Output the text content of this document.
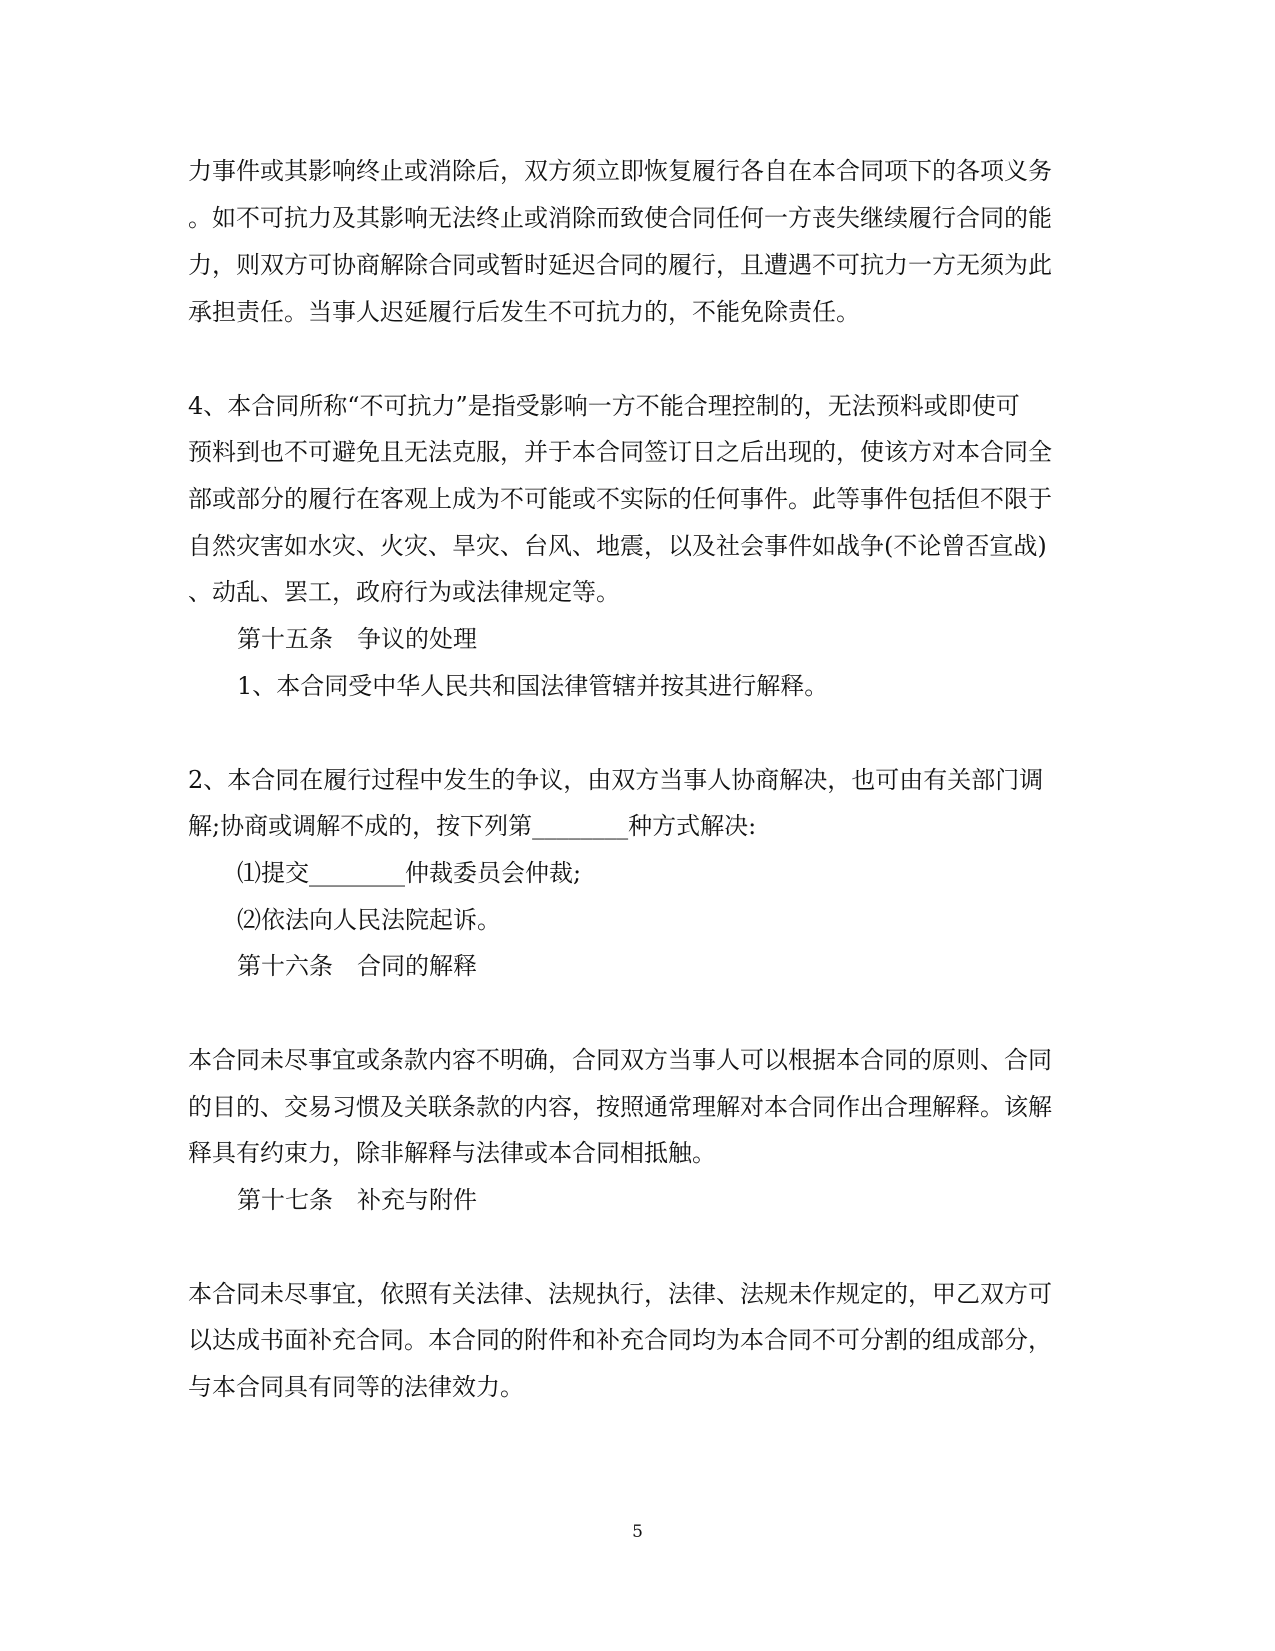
力事件或其影响终止或消除后，双方须立即恢复履行各自在本合同项下的各项义务
。如不可抗力及其影响无法终止或消除而致使合同任何一方丧失继续履行合同的能
力，则双方可协商解除合同或暂时延迟合同的履行，且遭遇不可抗力一方无须为此
承担责任。当事人迟延履行后发生不可抗力的，不能免除责任。
4、本合同所称“不可抗力”是指受影响一方不能合理控制的，无法预料或即使可
预料到也不可避免且无法克服，并于本合同签订日之后出现的，使该方对本合同全
部或部分的履行在客观上成为不可能或不实际的任何事件。此等事件包括但不限于
自然灾害如水灾、火灾、旱灾、台风、地震，以及社会事件如战争(不论曾否宣战)
、动乱、罢工，政府行为或法律规定等。
第十五条　争议的处理
1、本合同受中华人民共和国法律管辖并按其进行解释。
2、本合同在履行过程中发生的争议，由双方当事人协商解决，也可由有关部门调
解;协商或调解不成的，按下列第________种方式解决:
⑴提交________仲裁委员会仲裁;
⑵依法向人民法院起诉。
第十六条　合同的解释
本合同未尽事宜或条款内容不明确，合同双方当事人可以根据本合同的原则、合同
的目的、交易习惯及关联条款的内容，按照通常理解对本合同作出合理解释。该解
释具有约束力，除非解释与法律或本合同相抵触。
第十七条　补充与附件
本合同未尽事宜，依照有关法律、法规执行，法律、法规未作规定的，甲乙双方可
以达成书面补充合同。本合同的附件和补充合同均为本合同不可分割的组成部分，
与本合同具有同等的法律效力。
5
